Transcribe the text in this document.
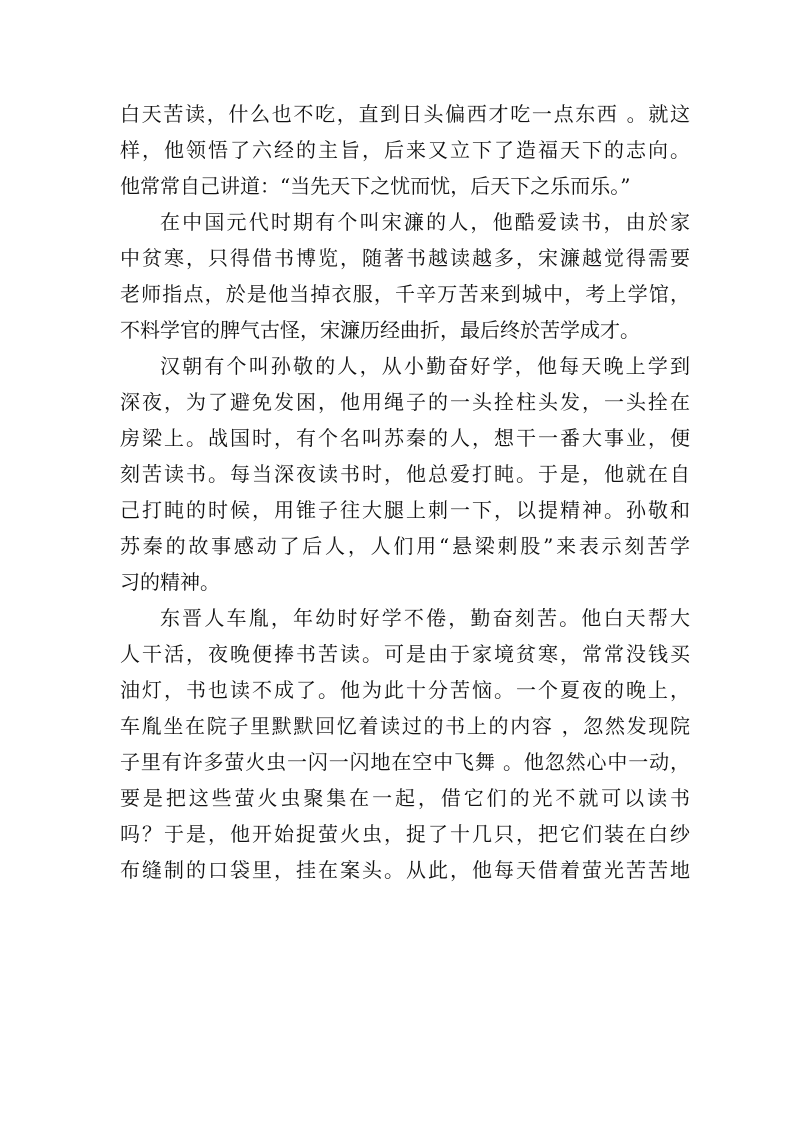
白天苦读，什么也不吃，直到日头偏西才吃一点东西 。就这
样，他领悟了六经的主旨，后来又立下了造福天下的志向。
他常常自己讲道：“当先天下之忧而忧，后天下之乐而乐。”
在中国元代时期有个叫宋濂的人，他酷爱读书，由於家
中贫寒，只得借书博览，随著书越读越多，宋濂越觉得需要
老师指点，於是他当掉衣服，千辛万苦来到城中，考上学馆，
不料学官的脾气古怪，宋濂历经曲折，最后终於苦学成才。
汉朝有个叫孙敬的人，从小勤奋好学，他每天晚上学到
深夜，为了避免发困，他用绳子的一头拴柱头发，一头拴在
房梁上。战国时，有个名叫苏秦的人，想干一番大事业，便
刻苦读书。每当深夜读书时，他总爱打盹。于是，他就在自
己打盹的时候，用锥子往大腿上刺一下，以提精神。孙敬和
苏秦的故事感动了后人，人们用“悬梁刺股”来表示刻苦学
习的精神。
东晋人车胤，年幼时好学不倦，勤奋刻苦。他白天帮大
人干活，夜晚便捧书苦读。可是由于家境贫寒，常常没钱买
油灯，书也读不成了。他为此十分苦恼。一个夏夜的晚上，
车胤坐在院子里默默回忆着读过的书上的内容 ，忽然发现院
子里有许多萤火虫一闪一闪地在空中飞舞 。他忽然心中一动，
要是把这些萤火虫聚集在一起，借它们的光不就可以读书
吗？于是，他开始捉萤火虫，捉了十几只，把它们装在白纱
布缝制的口袋里，挂在案头。从此，他每天借着萤光苦苦地
